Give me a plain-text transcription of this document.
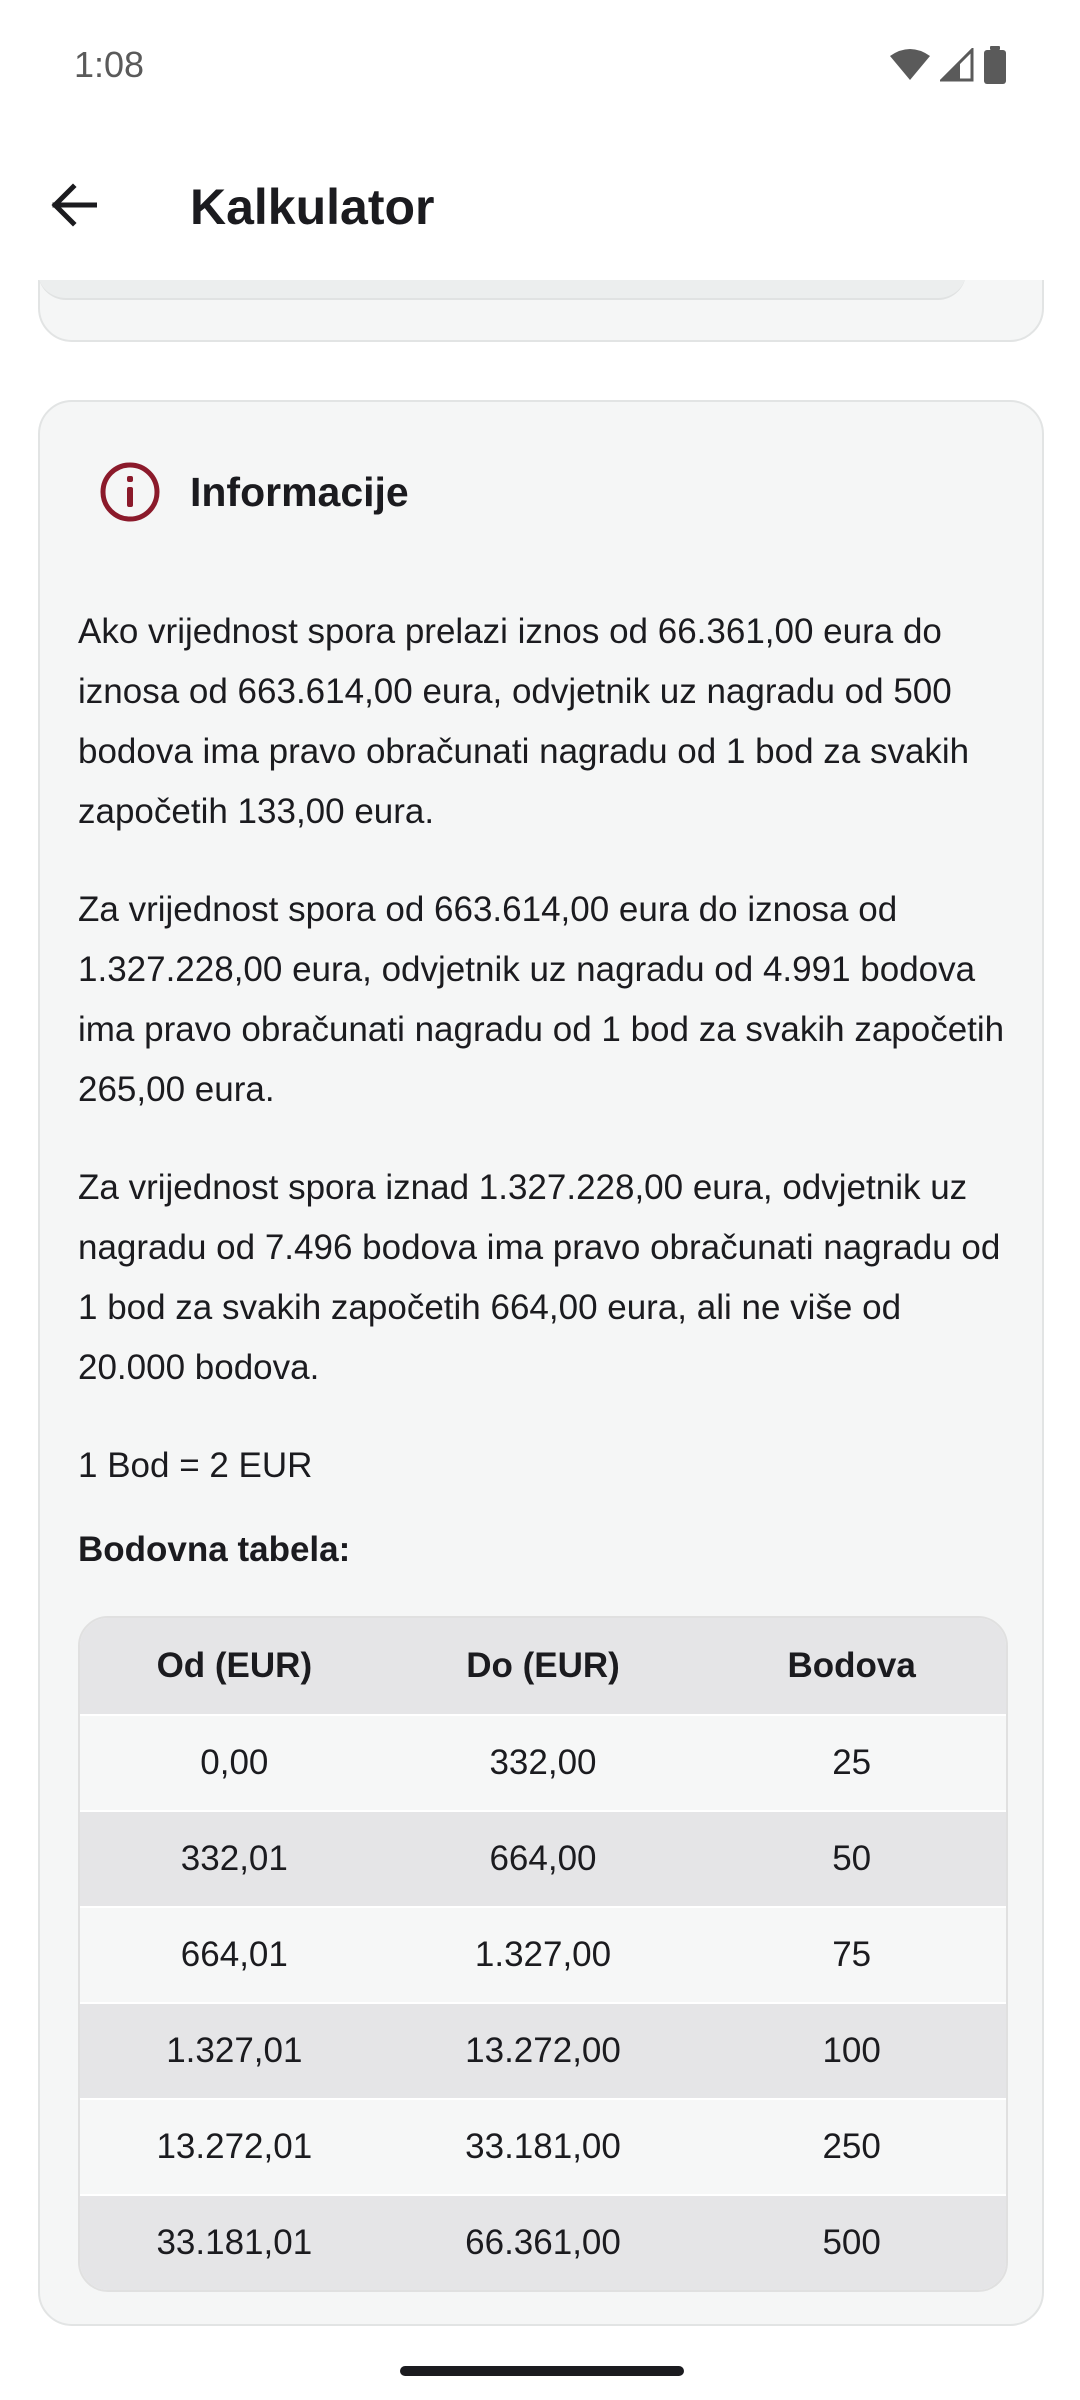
1:08
Kalkulator
Informacije

Ako vrijednost spora prelazi iznos od 66.361,00 eura do iznosa od 663.614,00 eura, odvjetnik uz nagradu od 500 bodova ima pravo obračunati nagradu od 1 bod za svakih započetih 133,00 eura.

Za vrijednost spora od 663.614,00 eura do iznosa od 1.327.228,00 eura, odvjetnik uz nagradu od 4.991 bodova ima pravo obračunati nagradu od 1 bod za svakih započetih 265,00 eura.

Za vrijednost spora iznad 1.327.228,00 eura, odvjetnik uz nagradu od 7.496 bodova ima pravo obračunati nagradu od 1 bod za svakih započetih 664,00 eura, ali ne više od 20.000 bodova.

1 Bod = 2 EUR

Bodovna tabela:
Od (EUR)	Do (EUR)	Bodova
0,00	332,00	25
332,01	664,00	50
664,01	1.327,00	75
1.327,01	13.272,00	100
13.272,01	33.181,00	250
33.181,01	66.361,00	500
